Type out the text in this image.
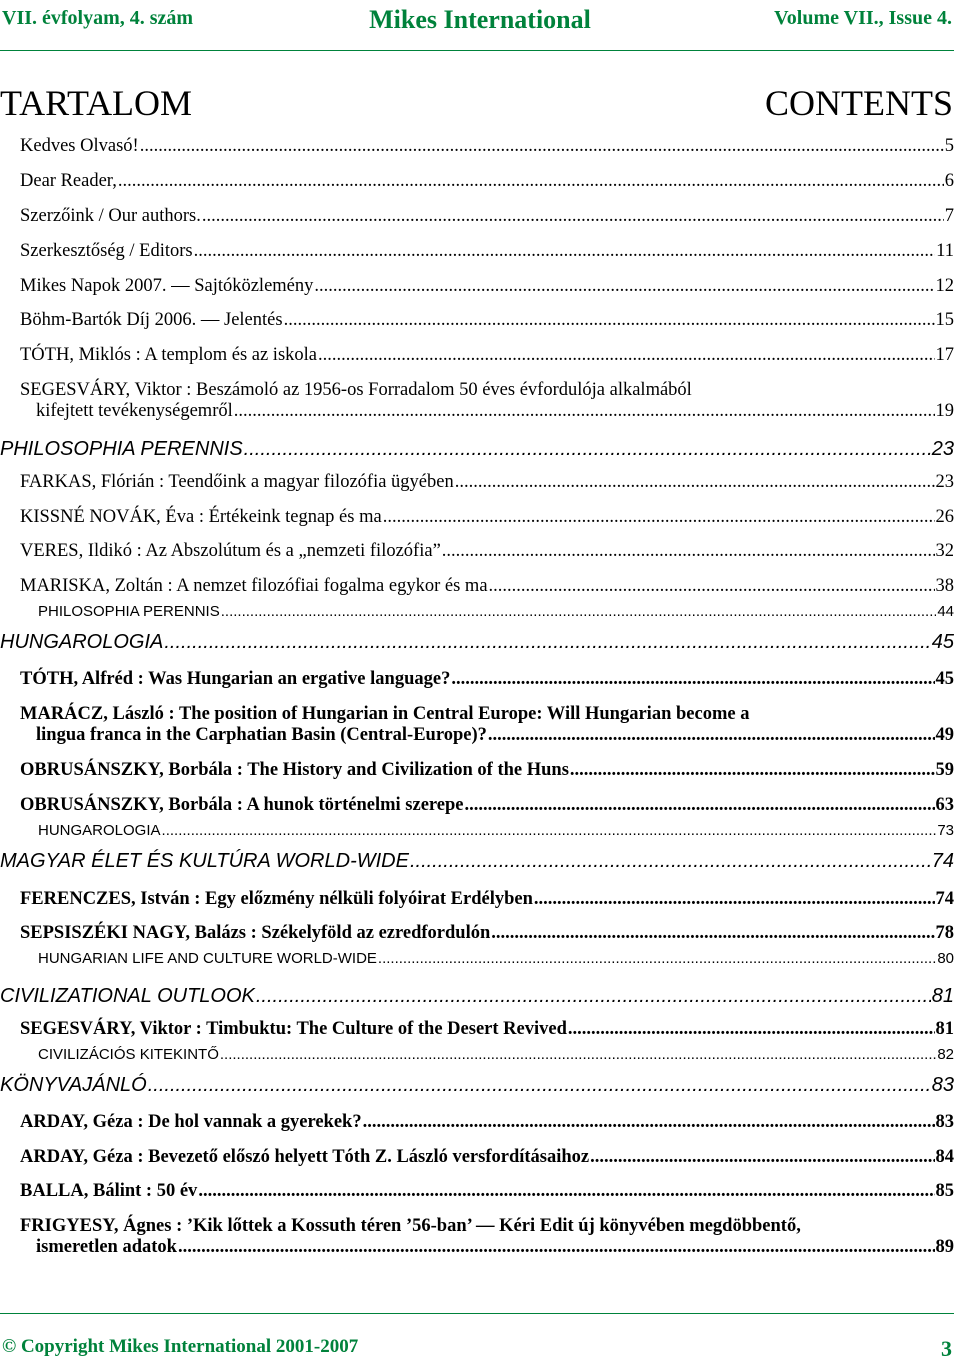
VII. évfolyam, 4. szám	Mikes International	Volume VII., Issue 4.
TARTALOM	CONTENTS
Kedves Olvasó! .....	5
Dear Reader, .....	6
Szerzőink / Our authors. .....	7
Szerkesztőség / Editors .....	11
Mikes Napok 2007. — Sajtóközlemény .....	12
Böhm-Bartók Díj 2006. — Jelentés .....	15
TÓTH, Miklós : A templom és az iskola .....	17
SEGESVÁRY, Viktor : Beszámoló az 1956-os Forradalom 50 éves évfordulója alkalmából
kifejtett tevékenységemről .....	19
PHILOSOPHIA PERENNIS .....	23
FARKAS, Flórián : Teendőink a magyar filozófia ügyében .....	23
KISSNÉ NOVÁK, Éva : Értékeink tegnap és ma .....	26
VERES, Ildikó : Az Abszolútum és a „nemzeti filozófia” .....	32
MARISKA, Zoltán : A nemzet filozófiai fogalma egykor és ma .....	38
PHILOSOPHIA PERENNIS .....	44
HUNGAROLOGIA .....	45
TÓTH, Alfréd : Was Hungarian an ergative language? .....	45
MARÁCZ, László : The position of Hungarian in Central Europe: Will Hungarian become a
lingua franca in the Carphatian Basin (Central-Europe)? .....	49
OBRUSÁNSZKY, Borbála : The History and Civilization of the Huns .....	59
OBRUSÁNSZKY, Borbála : A hunok történelmi szerepe .....	63
HUNGAROLOGIA .....	73
MAGYAR ÉLET ÉS KULTÚRA WORLD-WIDE .....	74
FERENCZES, István : Egy előzmény nélküli folyóirat Erdélyben .....	74
SEPSISZÉKI NAGY, Balázs : Székelyföld az ezredfordulón .....	78
HUNGARIAN LIFE AND CULTURE WORLD-WIDE .....	80
CIVILIZATIONAL OUTLOOK .....	81
SEGESVÁRY, Viktor : Timbuktu: The Culture of the Desert Revived .....	81
CIVILIZÁCIÓS KITEKINTŐ .....	82
KÖNYVAJÁNLÓ .....	83
ARDAY, Géza : De hol vannak a gyerekek? .....	83
ARDAY, Géza : Bevezető előszó helyett Tóth Z. László versfordításaihoz .....	84
BALLA, Bálint : 50 év .....	85
FRIGYESY, Ágnes : ’Kik lőttek a Kossuth téren ’56-ban’ — Kéri Edit új könyvében megdöbbentő,
ismeretlen adatok .....	89
© Copyright Mikes International 2001-2007	3
